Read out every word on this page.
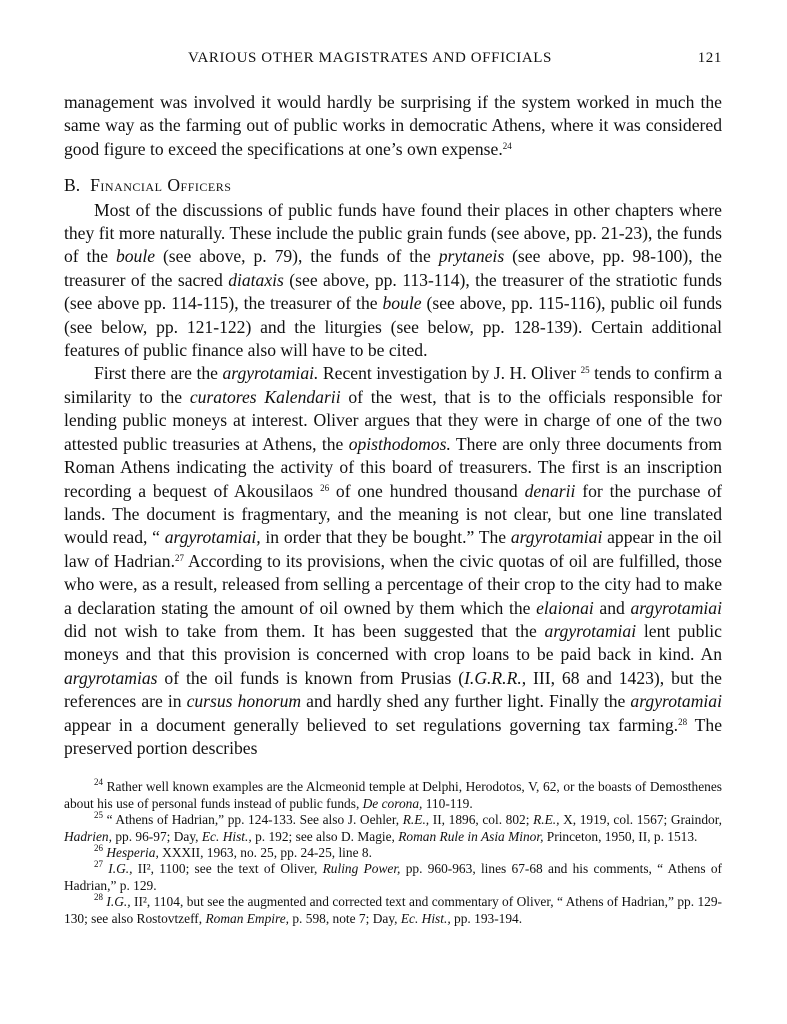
VARIOUS OTHER MAGISTRATES AND OFFICIALS	121

management was involved it would hardly be surprising if the system worked in much the same way as the farming out of public works in democratic Athens, where it was considered good figure to exceed the specifications at one’s own expense.$^{24}$

B. Financial Officers

Most of the discussions of public funds have found their places in other chapters where they fit more naturally. These include the public grain funds (see above, pp. 21-23), the funds of the boule (see above, p. 79), the funds of the prytaneis (see above, pp. 98-100), the treasurer of the sacred diataxis (see above, pp. 113-114), the treasurer of the stratiotic funds (see above pp. 114-115), the treasurer of the boule (see above, pp. 115-116), public oil funds (see below, pp. 121-122) and the liturgies (see below, pp. 128-139). Certain additional features of public finance also will have to be cited.

First there are the argyrotamiai. Recent investigation by J. H. Oliver $^{25}$ tends to confirm a similarity to the curatores Kalendarii of the west, that is to the officials responsible for lending public moneys at interest. Oliver argues that they were in charge of one of the two attested public treasuries at Athens, the opisthodomos. There are only three documents from Roman Athens indicating the activity of this board of treasurers. The first is an inscription recording a bequest of Akousilaos $^{26}$ of one hundred thousand denarii for the purchase of lands. The document is fragmentary, and the meaning is not clear, but one line translated would read, “ argyrotamiai, in order that they be bought.” The argyrotamiai appear in the oil law of Hadrian.$^{27}$ According to its provisions, when the civic quotas of oil are fulfilled, those who were, as a result, released from selling a percentage of their crop to the city had to make a declaration stating the amount of oil owned by them which the elaionai and argyrotamiai did not wish to take from them. It has been suggested that the argyrotamiai lent public moneys and that this provision is concerned with crop loans to be paid back in kind. An argyrotamias of the oil funds is known from Prusias (I.G.R.R., III, 68 and 1423), but the references are in cursus honorum and hardly shed any further light. Finally the argyrotamiai appear in a document generally believed to set regulations governing tax farming.$^{28}$ The preserved portion describes

$^{24}$ Rather well known examples are the Alcmeonid temple at Delphi, Herodotos, V, 62, or the boasts of Demosthenes about his use of personal funds instead of public funds, De corona, 110-119.

$^{25}$ “ Athens of Hadrian,” pp. 124-133. See also J. Oehler, R.E., II, 1896, col. 802; R.E., X, 1919, col. 1567; Graindor, Hadrien, pp. 96-97; Day, Ec. Hist., p. 192; see also D. Magie, Roman Rule in Asia Minor, Princeton, 1950, II, p. 1513.

$^{26}$ Hesperia, XXXII, 1963, no. 25, pp. 24-25, line 8.

$^{27}$ I.G., II², 1100; see the text of Oliver, Ruling Power, pp. 960-963, lines 67-68 and his comments, “ Athens of Hadrian,” p. 129.

$^{28}$ I.G., II², 1104, but see the augmented and corrected text and commentary of Oliver, “ Athens of Hadrian,” pp. 129-130; see also Rostovtzeff, Roman Empire, p. 598, note 7; Day, Ec. Hist., pp. 193-194.
